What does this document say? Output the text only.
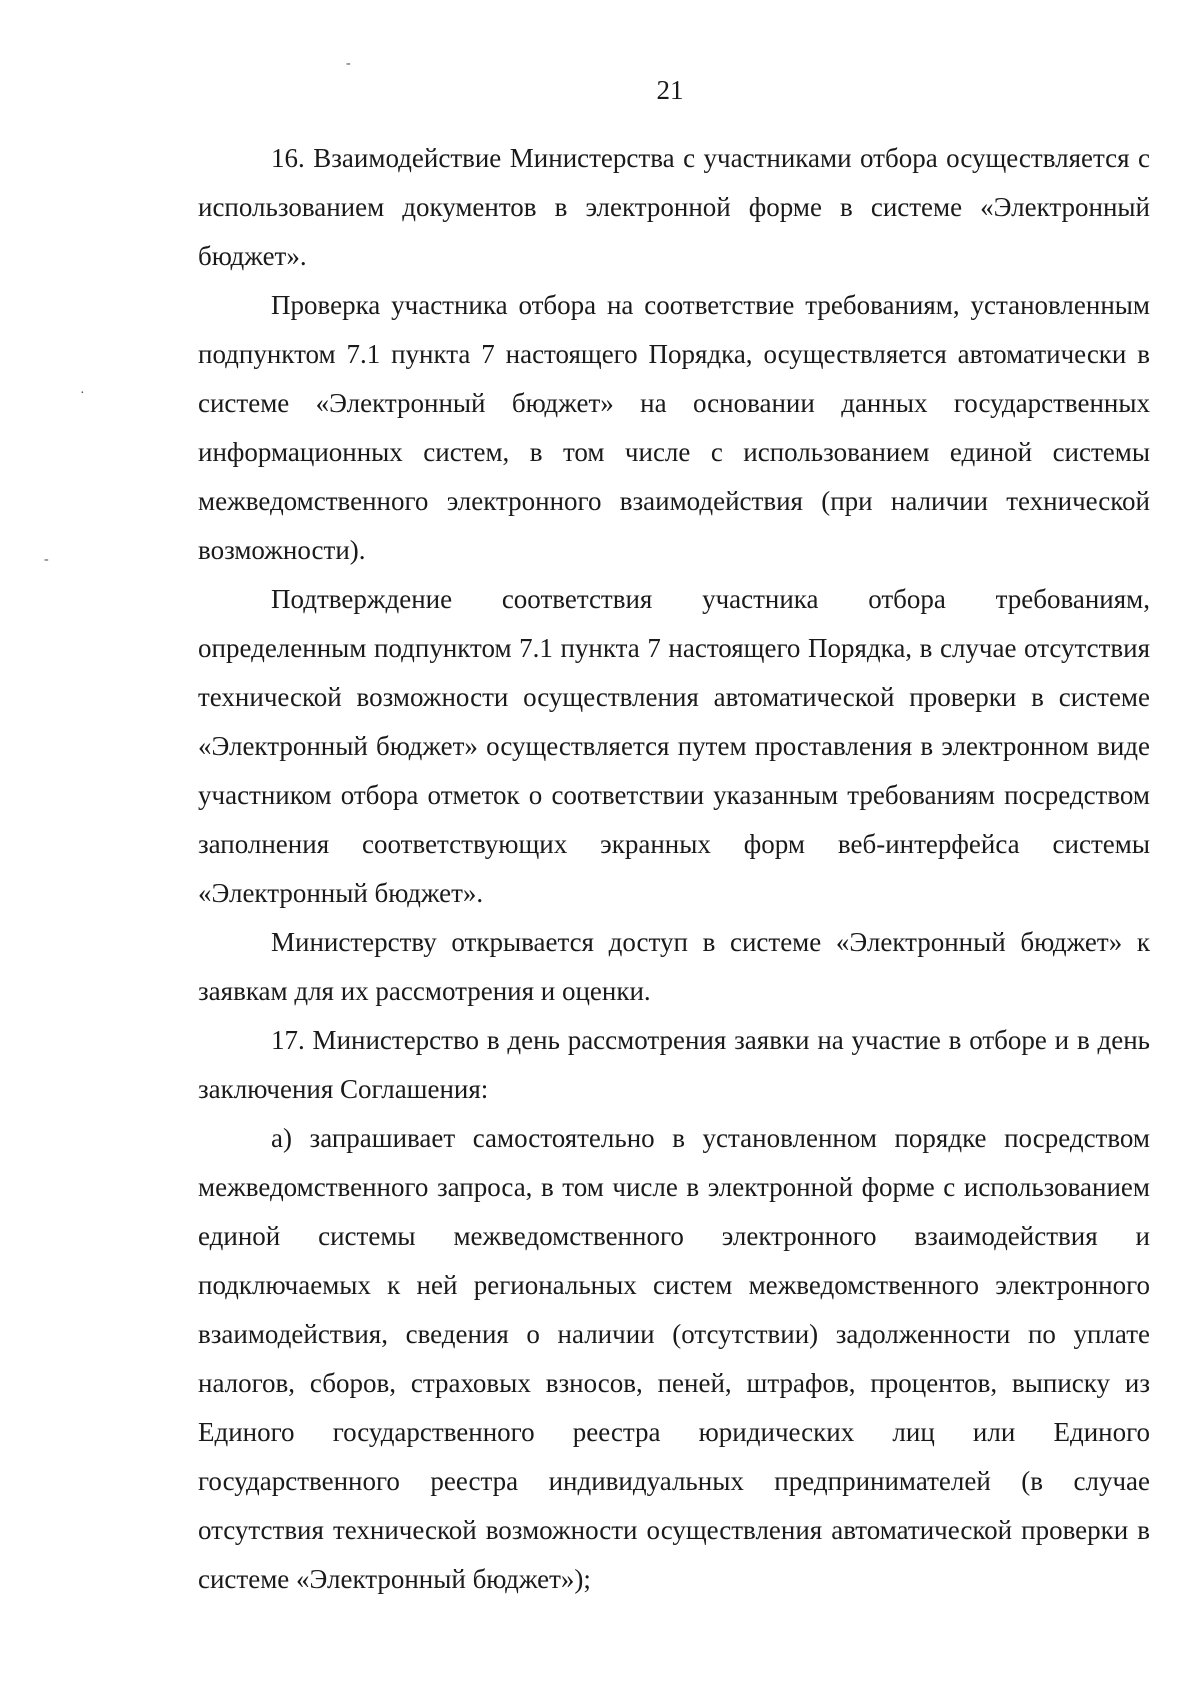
-
·
-
21

16. Взаимодействие Министерства с участниками отбора осуществляется с использованием документов в электронной форме в системе «Электронный бюджет».

Проверка участника отбора на соответствие требованиям, установленным подпунктом 7.1 пункта 7 настоящего Порядка, осуществляется автоматически в системе «Электронный бюджет» на основании данных государственных информационных систем, в том числе с использованием единой системы межведомственного электронного взаимодействия (при наличии технической возможности).

Подтверждение соответствия участника отбора требованиям, определенным подпунктом 7.1 пункта 7 настоящего Порядка, в случае отсутствия технической возможности осуществления автоматической проверки в системе «Электронный бюджет» осуществляется путем проставления в электронном виде участником отбора отметок о соответствии указанным требованиям посредством заполнения соответствующих экранных форм веб-интерфейса системы «Электронный бюджет».

Министерству открывается доступ в системе «Электронный бюджет» к заявкам для их рассмотрения и оценки.

17. Министерство в день рассмотрения заявки на участие в отборе и в день заключения Соглашения:

а) запрашивает самостоятельно в установленном порядке посредством межведомственного запроса, в том числе в электронной форме с использованием единой системы межведомственного электронного взаимодействия и подключаемых к ней региональных систем межведомственного электронного взаимодействия, сведения о наличии (отсутствии) задолженности по уплате налогов, сборов, страховых взносов, пеней, штрафов, процентов, выписку из Единого государственного реестра юридических лиц или Единого государственного реестра индивидуальных предпринимателей (в случае отсутствия технической возможности осуществления автоматической проверки в системе «Электронный бюджет»);
